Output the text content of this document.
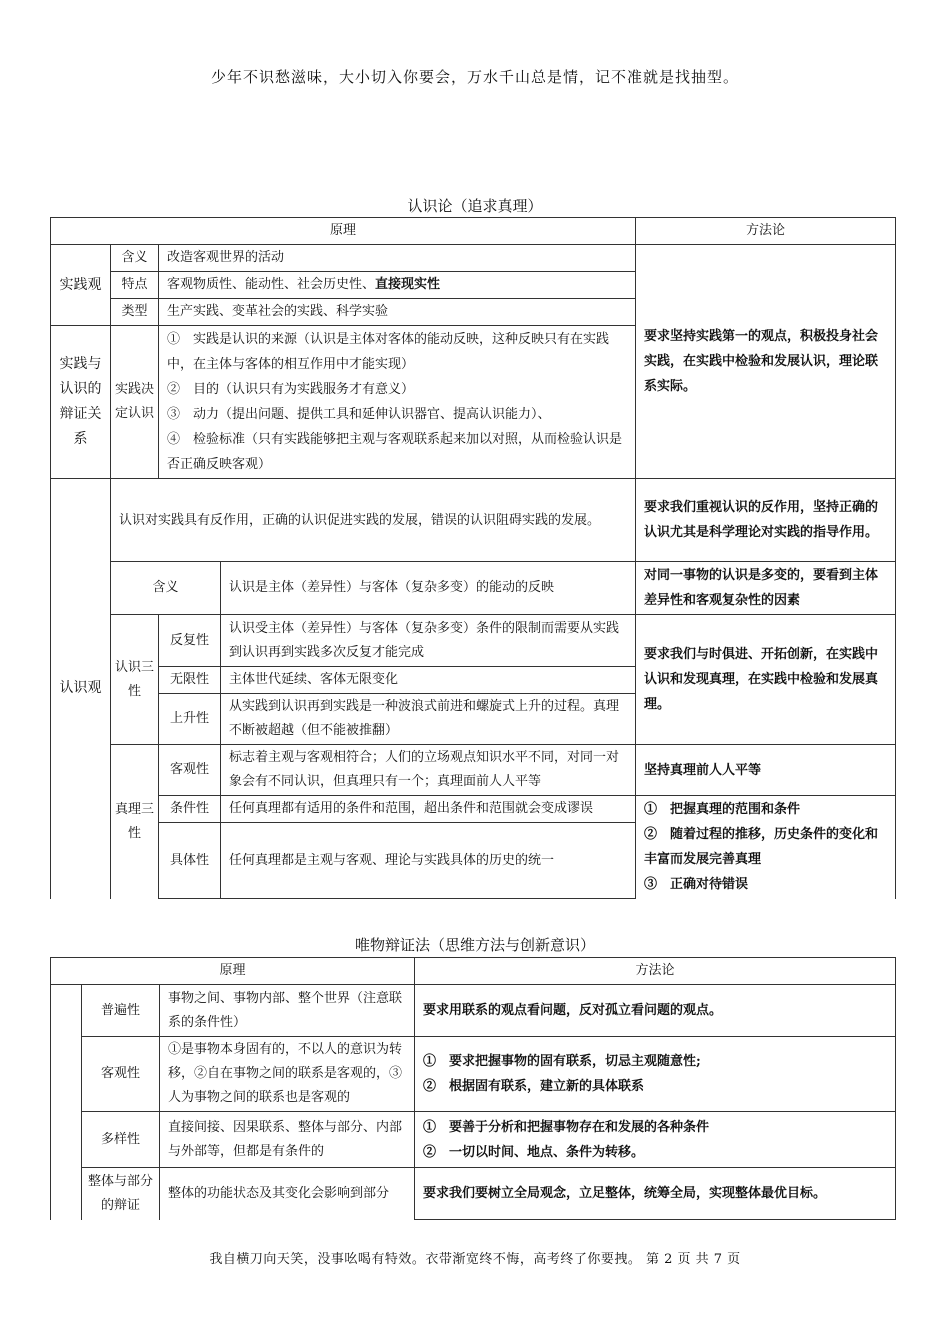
少年不识愁滋味，大小切入你要会，万水千山总是情，记不准就是找抽型。
认识论（追求真理）
原理				方法论
实践观	含义	改造客观世界的活动		要求坚持实践第一的观点，积极投身社会实践，在实践中检验和发展认识，理论联系实际。
	特点	客观物质性、能动性、社会历史性、直接现实性		
	类型	生产实践、变革社会的实践、科学实验		
实践与认识的辩证关系	实践决定认识	①　实践是认识的来源（认识是主体对客体的能动反映，这种反映只有在实践中，在主体与客体的相互作用中才能实现）
②　目的（认识只有为实践服务才有意义）
③　动力（提出问题、提供工具和延伸认识器官、提高认识能力）、
④　检验标准（只有实践能够把主观与客观联系起来加以对照，从而检验认识是否正确反映客观）		

认识观	认识对实践具有反作用，正确的认识促进实践的发展，错误的认识阻碍实践的发展。			要求我们重视认识的反作用，坚持正确的认识尤其是科学理论对实践的指导作用。
	含义		认识是主体（差异性）与客体（复杂多变）的能动的反映	对同一事物的认识是多变的，要看到主体差异性和客观复杂性的因素
	认识三性	反复性	认识受主体（差异性）与客体（复杂多变）条件的限制而需要从实践到认识再到实践多次反复才能完成	要求我们与时俱进、开拓创新，在实践中认识和发现真理，在实践中检验和发展真理。
		无限性	主体世代延续、客体无限变化	
		上升性	从实践到认识再到实践是一种波浪式前进和螺旋式上升的过程。真理不断被超越（但不能被推翻）	
	真理三性	客观性	标志着主观与客观相符合；人们的立场观点知识水平不同，对同一对象会有不同认识，但真理只有一个；真理面前人人平等	坚持真理前人人平等
		条件性	任何真理都有适用的条件和范围，超出条件和范围就会变成谬误	①　把握真理的范围和条件
②　随着过程的推移，历史条件的变化和丰富而发展完善真理
③　正确对待错误

		具体性	任何真理都是主观与客观、理论与实践具体的历史的统一	
唯物辩证法（思维方法与创新意识）
原理			方法论
	普遍性	事物之间、事物内部、整个世界（注意联系的条件性）	要求用联系的观点看问题，反对孤立看问题的观点。
	客观性	①是事物本身固有的，不以人的意识为转移，②自在事物之间的联系是客观的，③人为事物之间的联系也是客观的	①　要求把握事物的固有联系，切忌主观随意性;
②　根据固有联系，建立新的具体联系

	多样性	直接间接、因果联系、整体与部分、内部与外部等，但都是有条件的	①　要善于分析和把握事物存在和发展的各种条件
②　一切以时间、地点、条件为转移。

	整体与部分的辩证	整体的功能状态及其变化会影响到部分	要求我们要树立全局观念，立足整体，统筹全局，实现整体最优目标。
我自横刀向天笑，没事吆喝有特效。衣带渐宽终不悔，高考终了你要拽。 第 2 页 共 7 页
